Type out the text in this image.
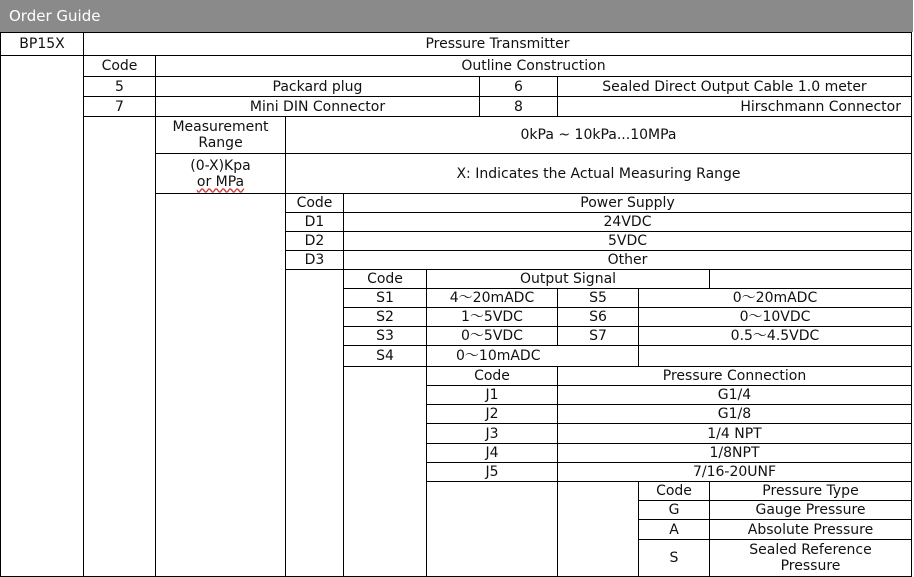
Order Guide
BP15X	Pressure Transmitter
Code	Outline Construction
5	Packard plug	6	Sealed Direct Output Cable 1.0 meter
7	Mini DIN Connector	8	Hirschmann Connector
Measurement Range	0kPa ~ 10kPa...10MPa
(0-X)Kpa
or MPa	X: Indicates the Actual Measuring Range
Code	Power Supply
D1	24VDC
D2	5VDC
D3	Other
Code	Output Signal
S1	4～20mADC	S5	0～20mADC
S2	1～5VDC	S6	0～10VDC
S3	0～5VDC	S7	0.5～4.5VDC
S4	0～10mADC
Code	Pressure Connection
J1	G1/4
J2	G1/8
J3	1/4 NPT
J4	1/8NPT
J5	7/16-20UNF
Code	Pressure Type
G	Gauge Pressure
A	Absolute Pressure
S	Sealed Reference Pressure
